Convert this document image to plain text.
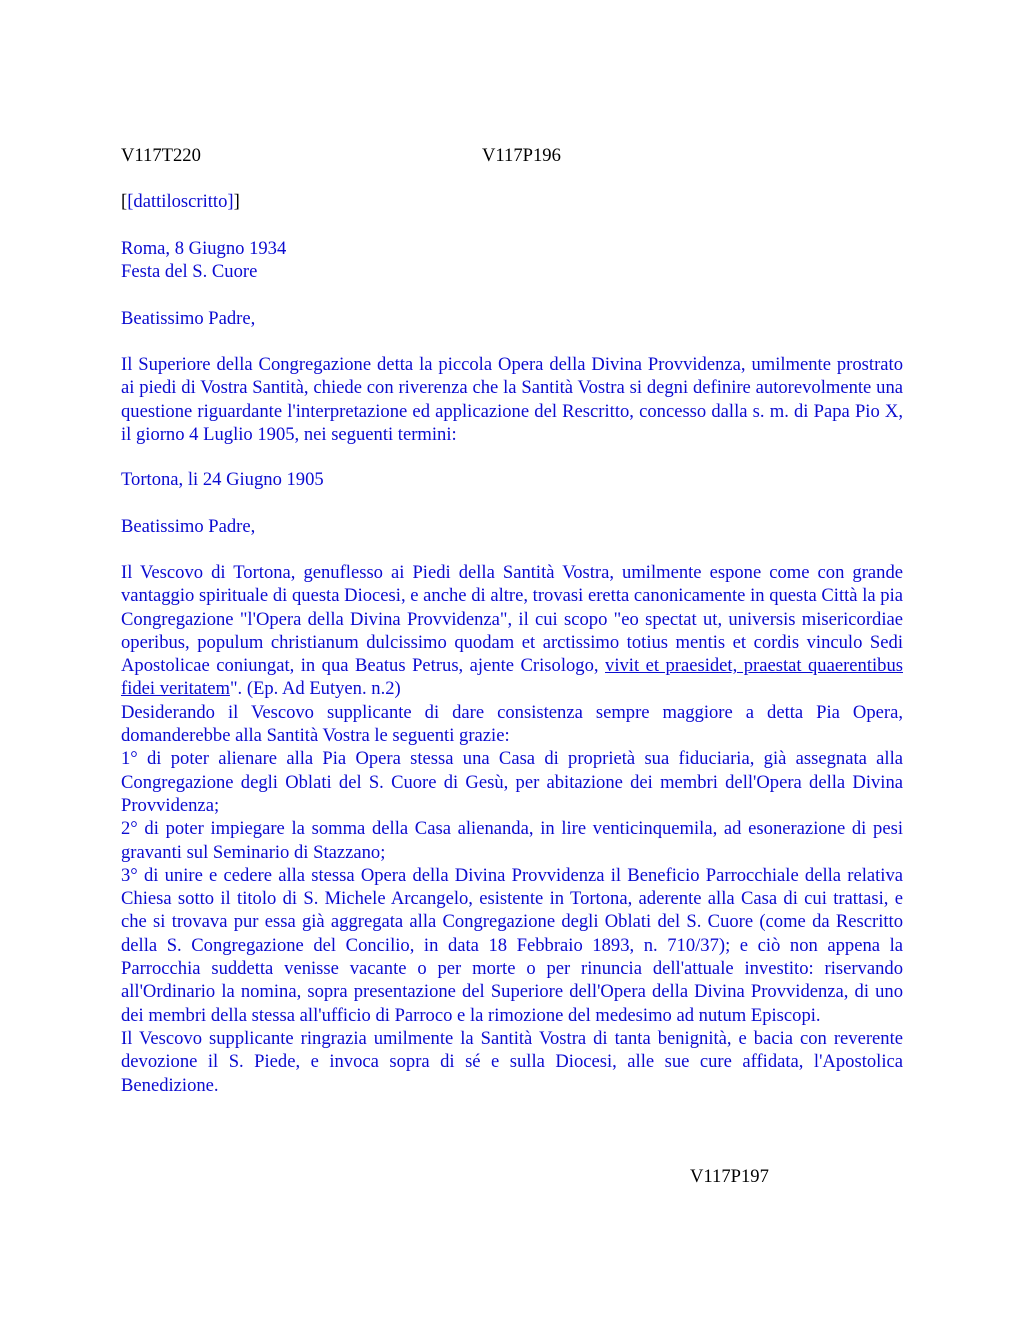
V117T220	V117P196

[[dattiloscritto]]

Roma, 8 Giugno 1934
Festa del S. Cuore

Beatissimo Padre,

Il Superiore della Congregazione detta la piccola Opera della Divina Provvidenza, umilmente prostrato ai piedi di Vostra Santità, chiede con riverenza che la Santità Vostra si degni definire autorevolmente una questione riguardante l'interpretazione ed applicazione del Rescritto, concesso dalla s. m. di Papa Pio X, il giorno 4 Luglio 1905, nei seguenti termini:

Tortona, li 24 Giugno 1905

Beatissimo Padre,

Il Vescovo di Tortona, genuflesso ai Piedi della Santità Vostra, umilmente espone come con grande vantaggio spirituale di questa Diocesi, e anche di altre, trovasi eretta canonicamente in questa Città la pia Congregazione "l'Opera della Divina Provvidenza", il cui scopo "eo spectat ut, universis misericordiae operibus, populum christianum dulcissimo quodam et arctissimo totius mentis et cordis vinculo Sedi Apostolicae coniungat, in qua Beatus Petrus, ajente Crisologo, vivit et praesidet, praestat quaerentibus fidei veritatem". (Ep. Ad Eutyen. n.2)
Desiderando il Vescovo supplicante di dare consistenza sempre maggiore a detta Pia Opera, domanderebbe alla Santità Vostra le seguenti grazie:
1° di poter alienare alla Pia Opera stessa una Casa di proprietà sua fiduciaria, già assegnata alla Congregazione degli Oblati del S. Cuore di Gesù, per abitazione dei membri dell'Opera della Divina Provvidenza;
2° di poter impiegare la somma della Casa alienanda, in lire venticinquemila, ad esonerazione di pesi gravanti sul Seminario di Stazzano;
3° di unire e cedere alla stessa Opera della Divina Provvidenza il Beneficio Parrocchiale della relativa Chiesa sotto il titolo di S. Michele Arcangelo, esistente in Tortona, aderente alla Casa di cui trattasi, e che si trovava pur essa già aggregata alla Congregazione degli Oblati del S. Cuore (come da Rescritto della S. Congregazione del Concilio, in data 18 Febbraio 1893, n. 710/37); e ciò non appena la Parrocchia suddetta venisse vacante o per morte o per rinuncia dell'attuale investito: riservando all'Ordinario la nomina, sopra presentazione del Superiore dell'Opera della Divina Provvidenza, di uno dei membri della stessa all'ufficio di Parroco e la rimozione del medesimo ad nutum Episcopi.
Il Vescovo supplicante ringrazia umilmente la Santità Vostra di tanta benignità, e bacia con reverente devozione il S. Piede, e invoca sopra di sé e sulla Diocesi, alle sue cure affidata, l'Apostolica Benedizione.
V117P197
